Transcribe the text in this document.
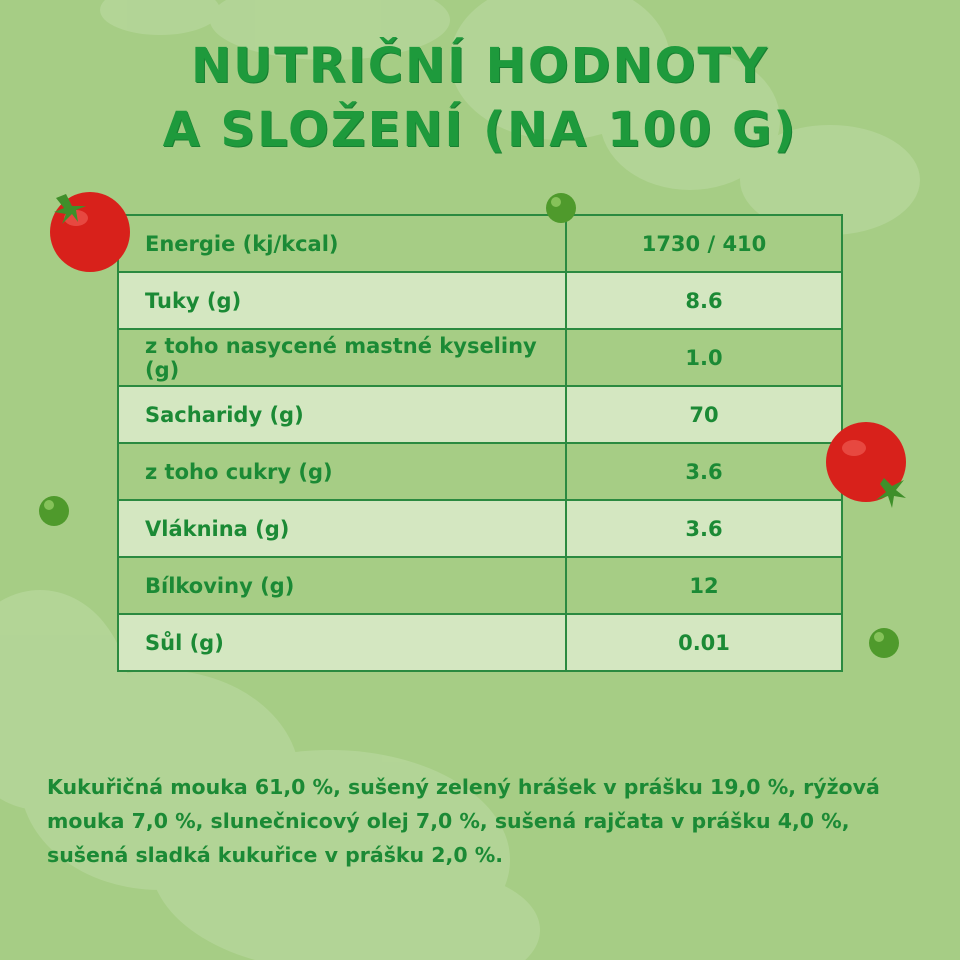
NUTRIČNÍ HODNOTY
A SLOŽENÍ (NA 100 G)
Energie (kj/kcal)	1730 / 410
Tuky (g)	8.6
z toho nasycené mastné kyseliny (g)	1.0
Sacharidy (g)	70
z toho cukry (g)	3.6
Vláknina (g)	3.6
Bílkoviny (g)	12
Sůl (g)	0.01

Kukuřičná mouka 61,0 %, sušený zelený hrášek v prášku 19,0 %, rýžová mouka 7,0 %, slunečnicový olej 7,0 %, sušená rajčata v prášku 4,0 %, sušená sladká kukuřice v prášku 2,0 %.
